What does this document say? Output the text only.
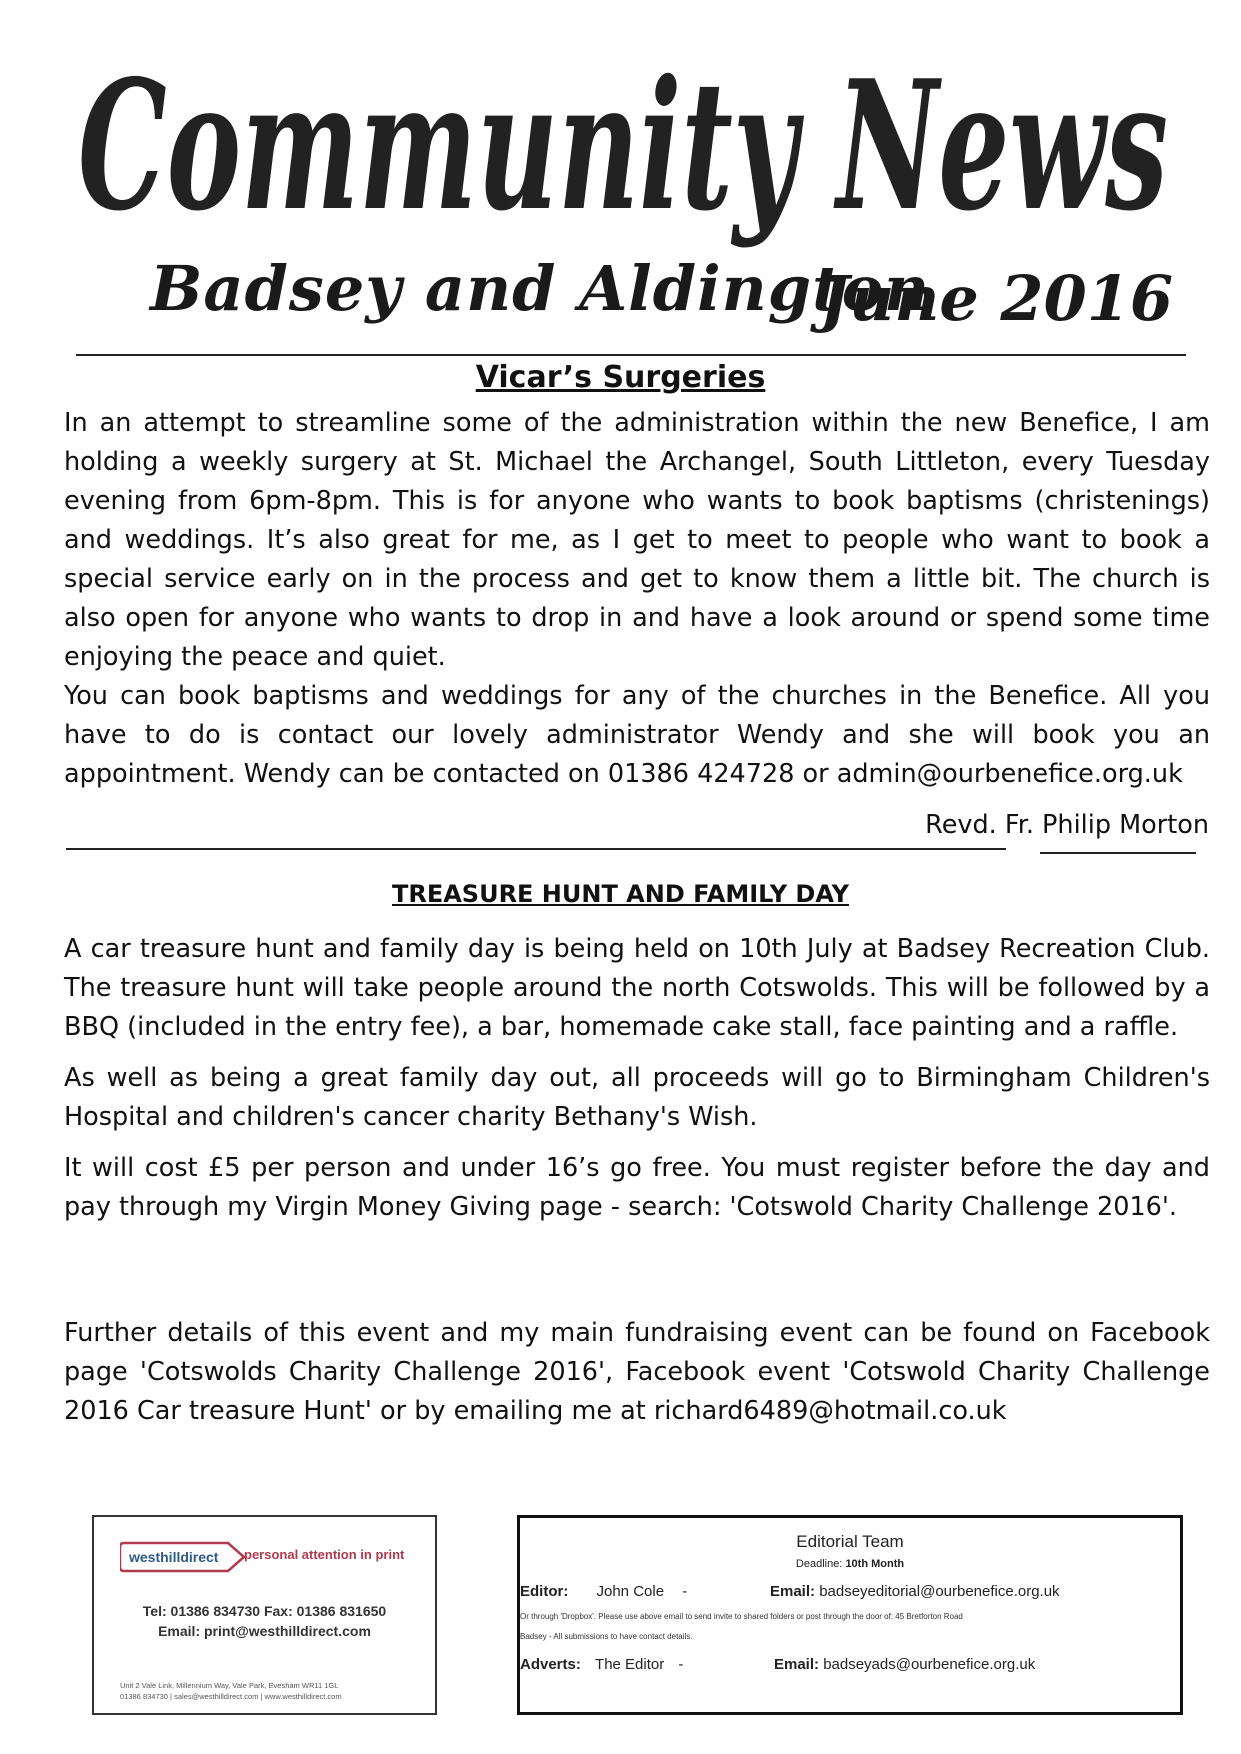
Community News
Badsey and Aldington
June 2016
Vicar’s Surgeries

In an attempt to streamline some of the administration within the new Benefice, I am holding a weekly surgery at St. Michael the Archangel, South Littleton, every Tuesday evening from 6pm-8pm. This is for anyone who wants to book baptisms (christenings) and weddings. It’s also great for me, as I get to meet to people who want to book a special service early on in the process and get to know them a little bit. The church is also open for anyone who wants to drop in and have a look around or spend some time enjoying the peace and quiet.

You can book baptisms and weddings for any of the churches in the Benefice. All you have to do is contact our lovely administrator Wendy and she will book you an appointment. Wendy can be contacted on 01386 424728 or admin@ourbenefice.org.uk

Revd. Fr. Philip Morton
TREASURE HUNT AND FAMILY DAY

A car treasure hunt and family day is being held on 10th July at Badsey Recreation Club. The treasure hunt will take people around the north Cotswolds. This will be followed by a BBQ (included in the entry fee), a bar, homemade cake stall, face painting and a raffle.

As well as being a great family day out, all proceeds will go to Birmingham Children's Hospital and children's cancer charity Bethany's Wish.

It will cost £5 per person and under 16’s go free. You must register before the day and pay through my Virgin Money Giving page - search: 'Cotswold Charity Challenge 2016'.

Further details of this event and my main fundraising event can be found on Facebook page 'Cotswolds Charity Challenge 2016', Facebook event 'Cotswold Charity Challenge 2016 Car treasure Hunt' or by emailing me at richard6489@hotmail.co.uk

westhilldirect personal attention in print
Tel: 01386 834730 Fax: 01386 831650
Email: print@westhilldirect.com
Unit 2 Vale Link, Millennium Way, Vale Park, Evesham WR11 1GL
01386 834730 | sales@westhilldirect.com | www.westhilldirect.com
Editorial Team
Deadline: 10th Month
Editor: John Cole -	Email: badseyeditorial@ourbenefice.org.uk
Or through 'Dropbox'. Please use above email to send invite to shared folders or post through the door of: 45 Bretforton Road
Badsey - All submissions to have contact details.
Adverts: The Editor -	Email: badseyads@ourbenefice.org.uk
